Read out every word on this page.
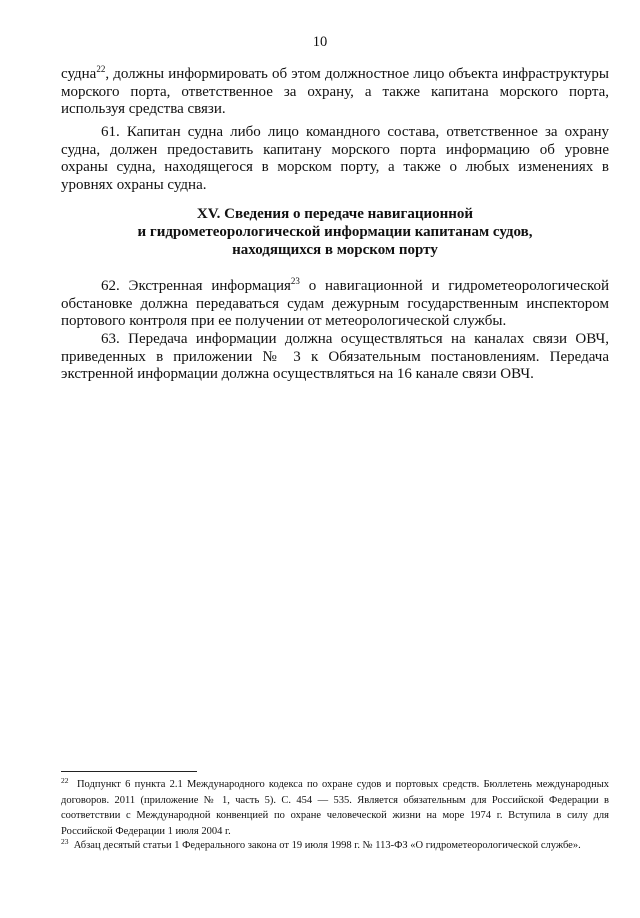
10

судна$^{22}$, должны информировать об этом должностное лицо объекта инфраструктуры морского порта, ответственное за охрану, а также капитана морского порта, используя средства связи.

61. Капитан судна либо лицо командного состава, ответственное за охрану судна, должен предоставить капитану морского порта информацию об уровне охраны судна, находящегося в морском порту, а также о любых изменениях в уровнях охраны судна.

XV. Сведения о передаче навигационной
и гидрометеорологической информации капитанам судов,
находящихся в морском порту

62. Экстренная информация$^{23}$ о навигационной и гидрометеорологической обстановке должна передаваться судам дежурным государственным инспектором портового контроля при ее получении от метеорологической службы.

63. Передача информации должна осуществляться на каналах связи ОВЧ, приведенных в приложении № 3 к Обязательным постановлениям. Передача экстренной информации должна осуществляться на 16 канале связи ОВЧ.

$^{22}$ Подпункт 6 пункта 2.1 Международного кодекса по охране судов и портовых средств. Бюллетень международных договоров. 2011 (приложение № 1, часть 5). С. 454 — 535. Является обязательным для Российской Федерации в соответствии с Международной конвенцией по охране человеческой жизни на море 1974 г. Вступила в силу для Российской Федерации 1 июля 2004 г.

$^{23}$ Абзац десятый статьи 1 Федерального закона от 19 июля 1998 г. № 113-ФЗ «О гидрометеорологической службе».
